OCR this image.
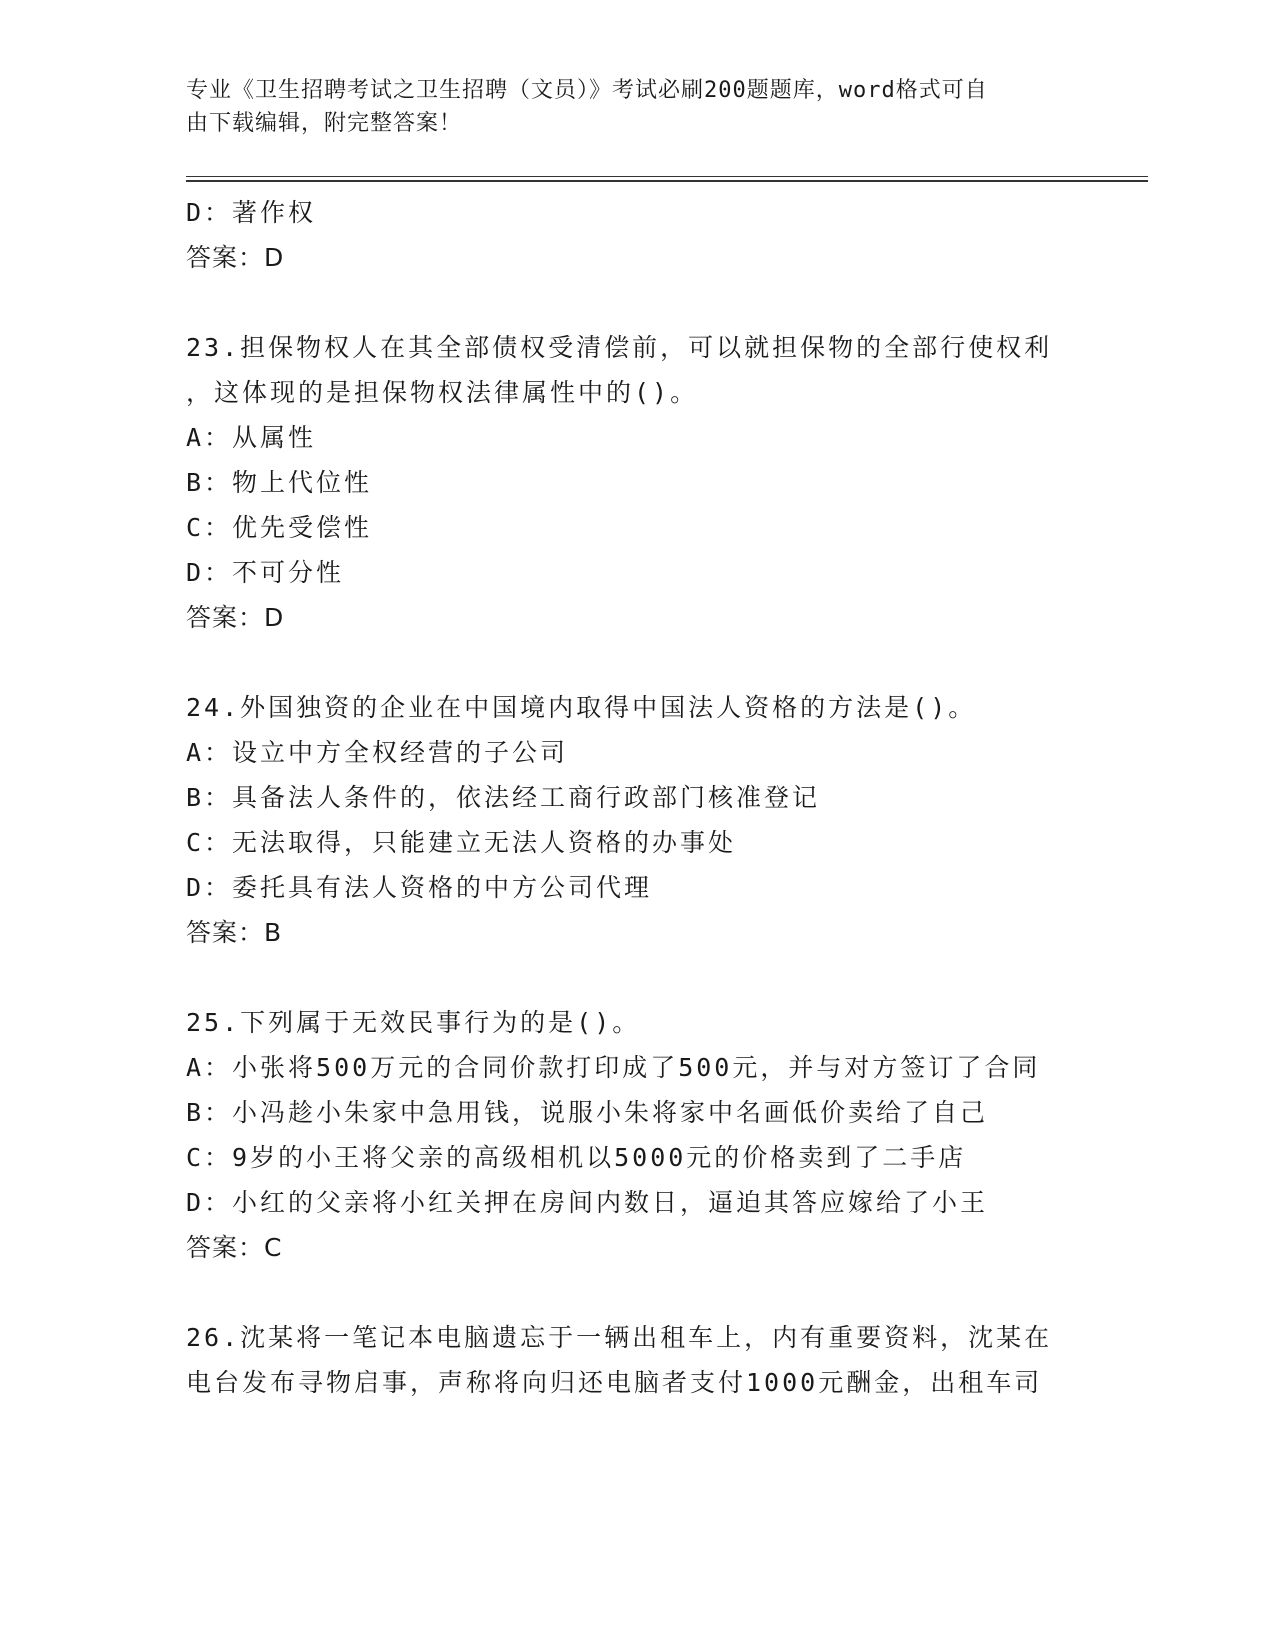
专业《卫生招聘考试之卫生招聘（文员）》考试必刷200题题库，word格式可自
由下载编辑，附完整答案！
D：著作权
答案：D
23.担保物权人在其全部债权受清偿前，可以就担保物的全部行使权利
，这体现的是担保物权法律属性中的()。
A：从属性
B：物上代位性
C：优先受偿性
D：不可分性
答案：D
24.外国独资的企业在中国境内取得中国法人资格的方法是()。
A：设立中方全权经营的子公司
B：具备法人条件的，依法经工商行政部门核准登记
C：无法取得，只能建立无法人资格的办事处
D：委托具有法人资格的中方公司代理
答案：B
25.下列属于无效民事行为的是()。
A：小张将500万元的合同价款打印成了500元，并与对方签订了合同
B：小冯趁小朱家中急用钱，说服小朱将家中名画低价卖给了自己
C：9岁的小王将父亲的高级相机以5000元的价格卖到了二手店
D：小红的父亲将小红关押在房间内数日，逼迫其答应嫁给了小王
答案：C
26.沈某将一笔记本电脑遗忘于一辆出租车上，内有重要资料，沈某在
电台发布寻物启事，声称将向归还电脑者支付1000元酬金，出租车司
